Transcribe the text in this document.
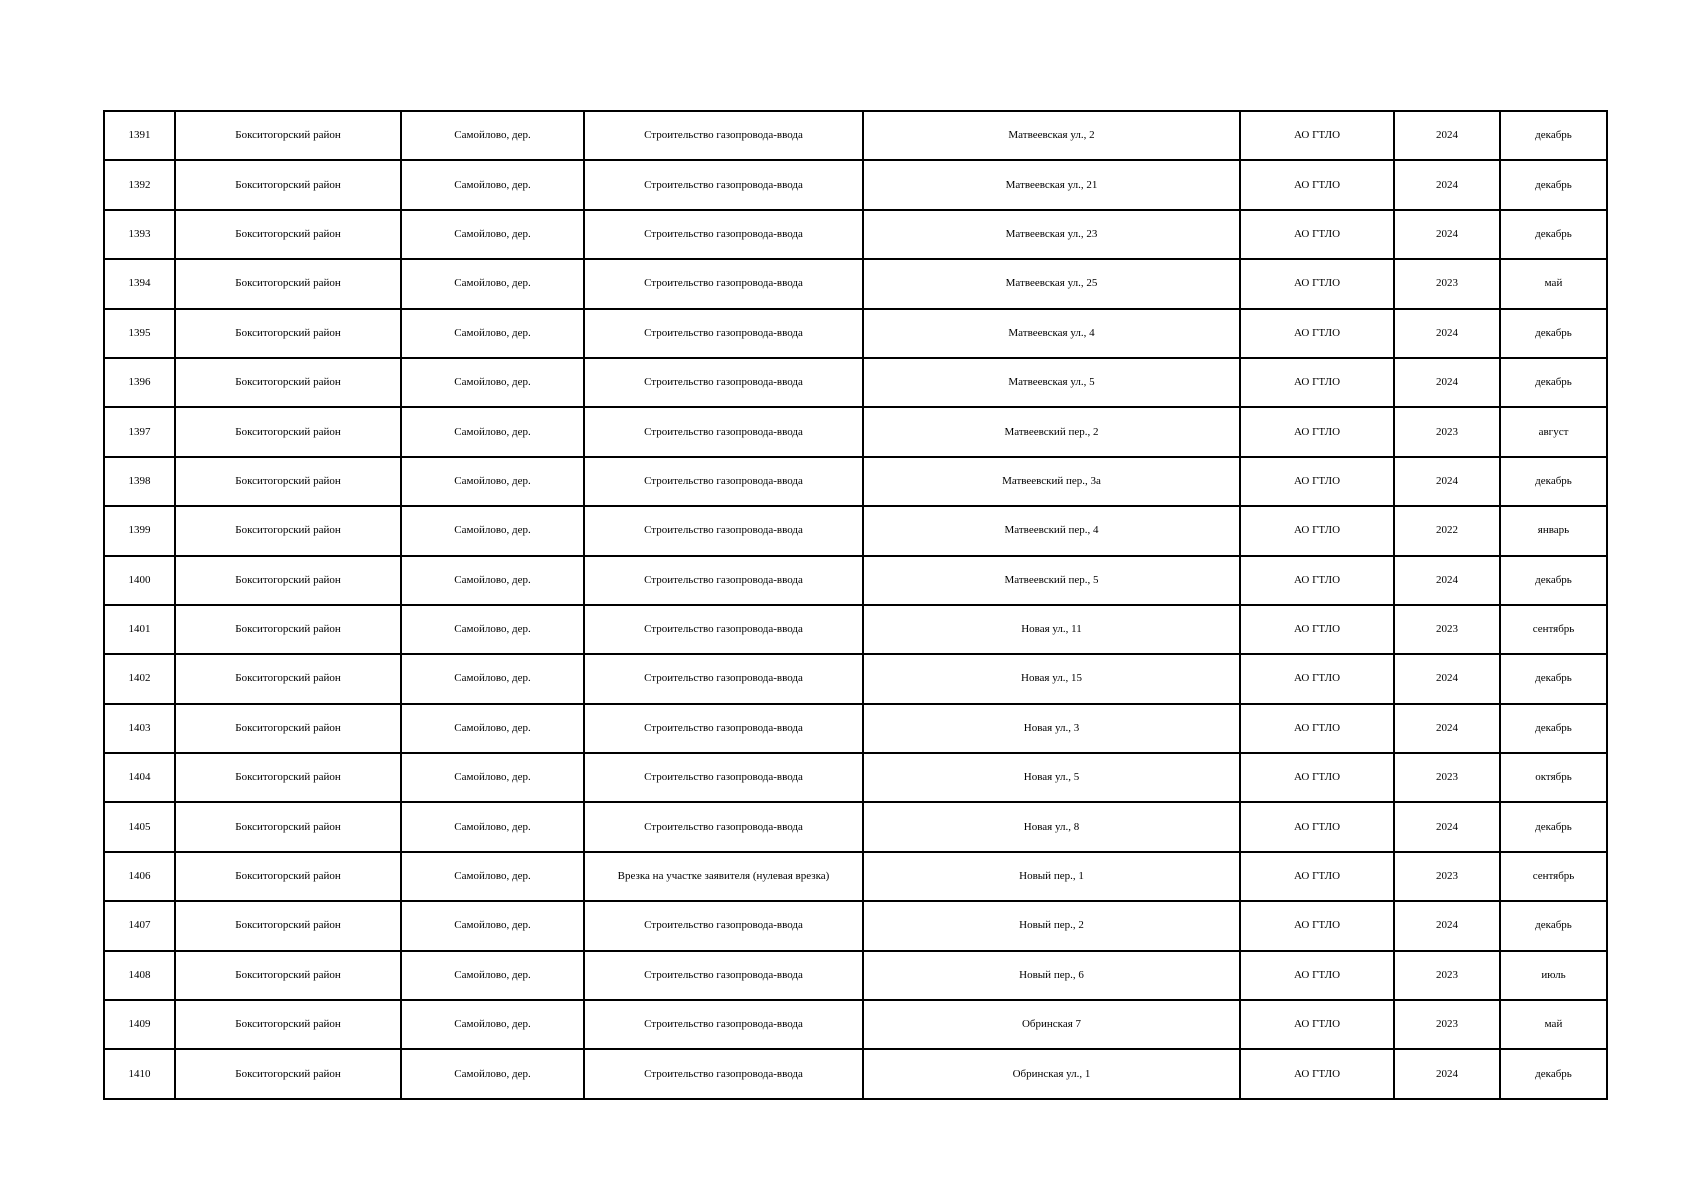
1391	Бокситогорский район	Самойлово, дер.	Строительство газопровода-ввода	Матвеевская ул., 2	АО ГТЛО	2024	декабрь
1392	Бокситогорский район	Самойлово, дер.	Строительство газопровода-ввода	Матвеевская ул., 21	АО ГТЛО	2024	декабрь
1393	Бокситогорский район	Самойлово, дер.	Строительство газопровода-ввода	Матвеевская ул., 23	АО ГТЛО	2024	декабрь
1394	Бокситогорский район	Самойлово, дер.	Строительство газопровода-ввода	Матвеевская ул., 25	АО ГТЛО	2023	май
1395	Бокситогорский район	Самойлово, дер.	Строительство газопровода-ввода	Матвеевская ул., 4	АО ГТЛО	2024	декабрь
1396	Бокситогорский район	Самойлово, дер.	Строительство газопровода-ввода	Матвеевская ул., 5	АО ГТЛО	2024	декабрь
1397	Бокситогорский район	Самойлово, дер.	Строительство газопровода-ввода	Матвеевский пер., 2	АО ГТЛО	2023	август
1398	Бокситогорский район	Самойлово, дер.	Строительство газопровода-ввода	Матвеевский пер., 3а	АО ГТЛО	2024	декабрь
1399	Бокситогорский район	Самойлово, дер.	Строительство газопровода-ввода	Матвеевский пер., 4	АО ГТЛО	2022	январь
1400	Бокситогорский район	Самойлово, дер.	Строительство газопровода-ввода	Матвеевский пер., 5	АО ГТЛО	2024	декабрь
1401	Бокситогорский район	Самойлово, дер.	Строительство газопровода-ввода	Новая ул., 11	АО ГТЛО	2023	сентябрь
1402	Бокситогорский район	Самойлово, дер.	Строительство газопровода-ввода	Новая ул., 15	АО ГТЛО	2024	декабрь
1403	Бокситогорский район	Самойлово, дер.	Строительство газопровода-ввода	Новая ул., 3	АО ГТЛО	2024	декабрь
1404	Бокситогорский район	Самойлово, дер.	Строительство газопровода-ввода	Новая ул., 5	АО ГТЛО	2023	октябрь
1405	Бокситогорский район	Самойлово, дер.	Строительство газопровода-ввода	Новая ул., 8	АО ГТЛО	2024	декабрь
1406	Бокситогорский район	Самойлово, дер.	Врезка на участке заявителя (нулевая врезка)	Новый пер., 1	АО ГТЛО	2023	сентябрь
1407	Бокситогорский район	Самойлово, дер.	Строительство газопровода-ввода	Новый пер., 2	АО ГТЛО	2024	декабрь
1408	Бокситогорский район	Самойлово, дер.	Строительство газопровода-ввода	Новый пер., 6	АО ГТЛО	2023	июль
1409	Бокситогорский район	Самойлово, дер.	Строительство газопровода-ввода	Обринская 7	АО ГТЛО	2023	май
1410	Бокситогорский район	Самойлово, дер.	Строительство газопровода-ввода	Обринская ул., 1	АО ГТЛО	2024	декабрь
